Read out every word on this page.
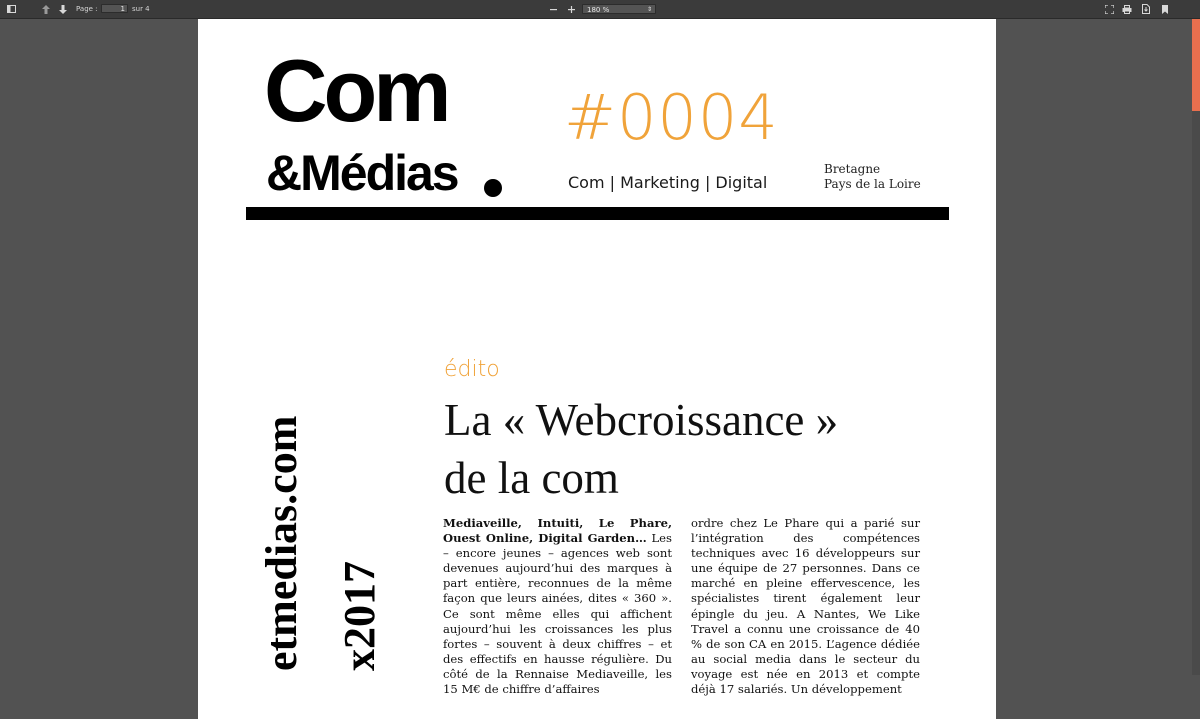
Page :	1	sur 4	180 %	⇕
Com
&Médias
#0004
Com | Marketing | Digital
Bretagne
Pays de la Loire
etmedias.com x2017
édito
La « Webcroissance »
de la com
Mediaveille, Intuiti, Le Phare, Ouest Online, Digital Garden… Les – encore jeunes – agences web sont devenues aujourd’hui des marques à part entière, reconnues de la même façon que leurs ainées, dites « 360 ». Ce sont même elles qui affichent aujourd’hui les croissances les plus fortes – souvent à deux chiffres – et des effectifs en hausse régulière. Du côté de la Rennaise Mediaveille, les 15 M€ de chiffre d’affaires
ordre chez Le Phare qui a parié sur l’intégration des compétences techniques avec 16 développeurs sur une équipe de 27 personnes. Dans ce marché en pleine effervescence, les spécialistes tirent également leur épingle du jeu. A Nantes, We Like Travel a connu une croissance de 40 % de son CA en 2015. L’agence dédiée au social media dans le secteur du voyage est née en 2013 et compte déjà 17 salariés. Un développement
